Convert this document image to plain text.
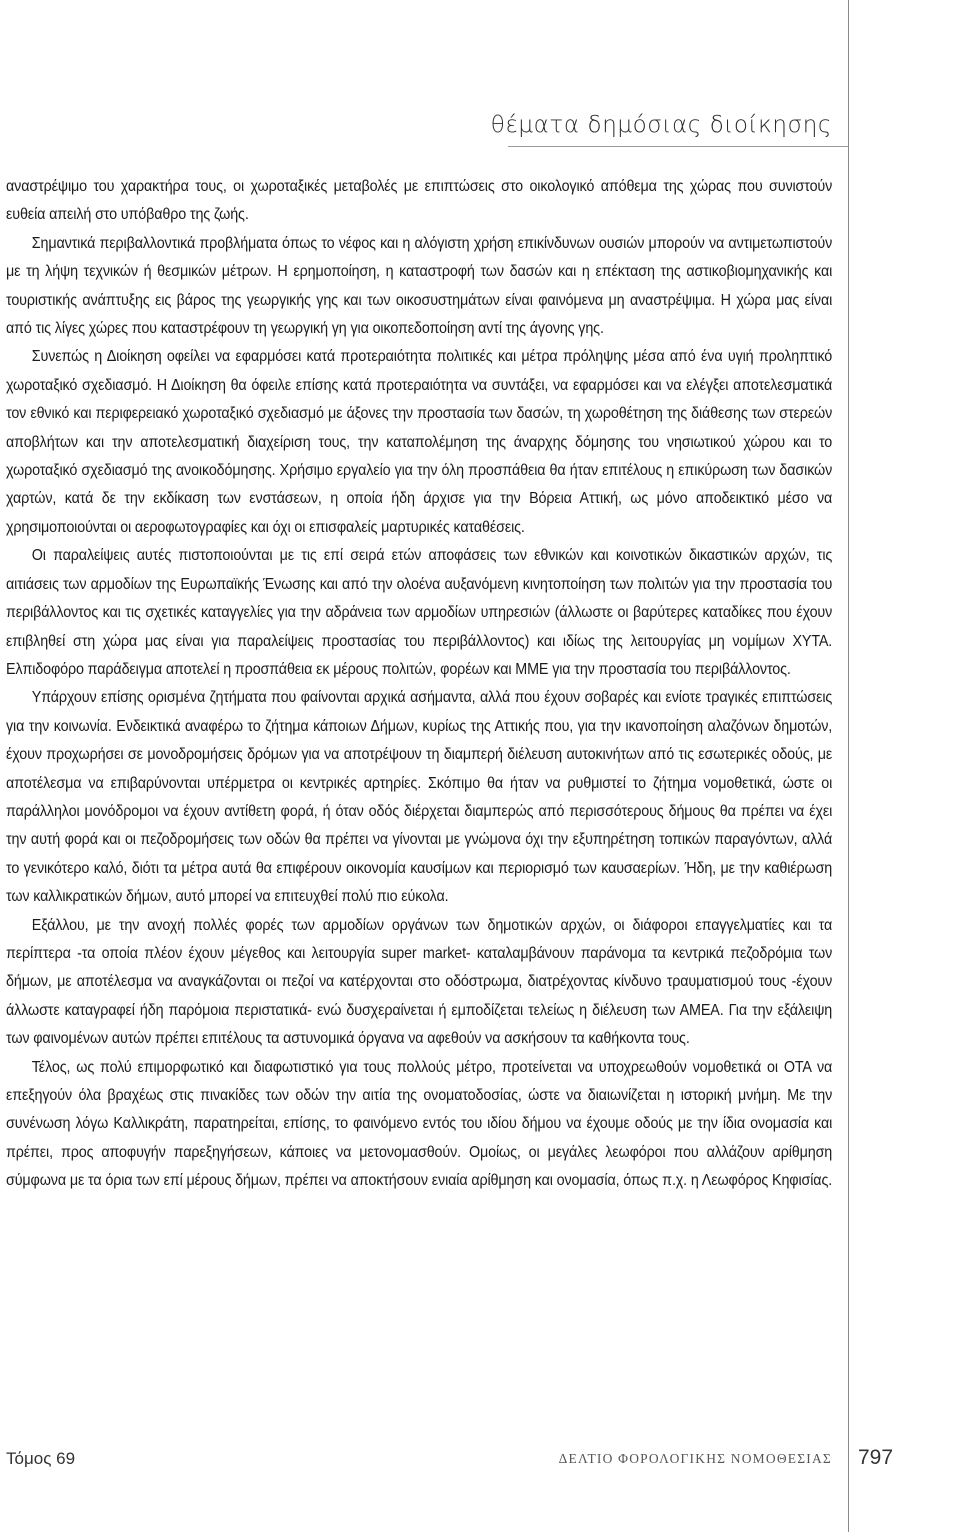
θέματα δημόσιας διοίκησης

αναστρέψιμο του χαρακτήρα τους, οι χωροταξικές μεταβολές με επιπτώσεις στο οικολογικό απόθεμα της χώρας που συνιστούν ευθεία απειλή στο υπόβαθρο της ζωής.

Σημαντικά περιβαλλοντικά προβλήματα όπως το νέφος και η αλόγιστη χρήση επικίνδυνων ουσιών μπορούν να αντιμετωπιστούν με τη λήψη τεχνικών ή θεσμικών μέτρων. Η ερημοποίηση, η καταστροφή των δασών και η επέκταση της αστικοβιομηχανικής και τουριστικής ανάπτυξης εις βάρος της γεωργικής γης και των οικοσυστημάτων είναι φαινόμενα μη αναστρέψιμα. Η χώρα μας είναι από τις λίγες χώρες που καταστρέφουν τη γεωργική γη για οικοπεδοποίηση αντί της άγονης γης.

Συνεπώς η Διοίκηση οφείλει να εφαρμόσει κατά προτεραιότητα πολιτικές και μέτρα πρόληψης μέσα από ένα υγιή προληπτικό χωροταξικό σχεδιασμό. Η Διοίκηση θα όφειλε επίσης κατά προτεραιότητα να συντάξει, να εφαρμόσει και να ελέγξει αποτελεσματικά τον εθνικό και περιφερειακό χωροταξικό σχεδιασμό με άξονες την προστασία των δασών, τη χωροθέτηση της διάθεσης των στερεών αποβλήτων και την αποτελεσματική διαχείριση τους, την καταπολέμηση της άναρχης δόμησης του νησιωτικού χώρου και το χωροταξικό σχεδιασμό της ανοικοδόμησης. Χρήσιμο εργαλείο για την όλη προσπάθεια θα ήταν επιτέλους η επικύρωση των δασικών χαρτών, κατά δε την εκδίκαση των ενστάσεων, η οποία ήδη άρχισε για την Βόρεια Αττική, ως μόνο αποδεικτικό μέσο να χρησιμοποιούνται οι αεροφωτογραφίες και όχι οι επισφαλείς μαρτυρικές καταθέσεις.

Οι παραλείψεις αυτές πιστοποιούνται με τις επί σειρά ετών αποφάσεις των εθνικών και κοινοτικών δικαστικών αρχών, τις αιτιάσεις των αρμοδίων της Ευρωπαϊκής Ένωσης και από την ολοένα αυξανόμενη κινητοποίηση των πολιτών για την προστασία του περιβάλλοντος και τις σχετικές καταγγελίες για την αδράνεια των αρμοδίων υπηρεσιών (άλλωστε οι βαρύτερες καταδίκες που έχουν επιβληθεί στη χώρα μας είναι για παραλείψεις προστασίας του περιβάλλοντος) και ιδίως της λειτουργίας μη νομίμων ΧΥΤΑ. Ελπιδοφόρο παράδειγμα αποτελεί η προσπάθεια εκ μέρους πολιτών, φορέων και ΜΜΕ για την προστασία του περιβάλλοντος.

Υπάρχουν επίσης ορισμένα ζητήματα που φαίνονται αρχικά ασήμαντα, αλλά που έχουν σοβαρές και ενίοτε τραγικές επιπτώσεις για την κοινωνία. Ενδεικτικά αναφέρω το ζήτημα κάποιων Δήμων, κυρίως της Αττικής που, για την ικανοποίηση αλαζόνων δημοτών, έχουν προχωρήσει σε μονοδρομήσεις δρόμων για να αποτρέψουν τη διαμπερή διέλευση αυτοκινήτων από τις εσωτερικές οδούς, με αποτέλεσμα να επιβαρύνονται υπέρμετρα οι κεντρικές αρτηρίες. Σκόπιμο θα ήταν να ρυθμιστεί το ζήτημα νομοθετικά, ώστε οι παράλληλοι μονόδρομοι να έχουν αντίθετη φορά, ή όταν οδός διέρχεται διαμπερώς από περισσότερους δήμους θα πρέπει να έχει την αυτή φορά και οι πεζοδρομήσεις των οδών θα πρέπει να γίνονται με γνώμονα όχι την εξυπηρέτηση τοπικών παραγόντων, αλλά το γενικότερο καλό, διότι τα μέτρα αυτά θα επιφέρουν οικονομία καυσίμων και περιορισμό των καυσαερίων. Ήδη, με την καθιέρωση των καλλικρατικών δήμων, αυτό μπορεί να επιτευχθεί πολύ πιο εύκολα.

Εξάλλου, με την ανοχή πολλές φορές των αρμοδίων οργάνων των δημοτικών αρχών, οι διάφοροι επαγγελματίες και τα περίπτερα -τα οποία πλέον έχουν μέγεθος και λειτουργία super market- καταλαμβάνουν παράνομα τα κεντρικά πεζοδρόμια των δήμων, με αποτέλεσμα να αναγκάζονται οι πεζοί να κατέρχονται στο οδόστρωμα, διατρέχοντας κίνδυνο τραυματισμού τους -έχουν άλλωστε καταγραφεί ήδη παρόμοια περιστατικά- ενώ δυσχεραίνεται ή εμποδίζεται τελείως η διέλευση των ΑΜΕΑ. Για την εξάλειψη των φαινομένων αυτών πρέπει επιτέλους τα αστυνομικά όργανα να αφεθούν να ασκήσουν τα καθήκοντα τους.

Τέλος, ως πολύ επιμορφωτικό και διαφωτιστικό για τους πολλούς μέτρο, προτείνεται να υποχρεωθούν νομοθετικά οι ΟΤΑ να επεξηγούν όλα βραχέως στις πινακίδες των οδών την αιτία της ονοματοδοσίας, ώστε να διαιωνίζεται η ιστορική μνήμη. Με την συνένωση λόγω Καλλικράτη, παρατηρείται, επίσης, το φαινόμενο εντός του ιδίου δήμου να έχουμε οδούς με την ίδια ονομασία και πρέπει, προς αποφυγήν παρεξηγήσεων, κάποιες να μετονομασθούν. Ομοίως, οι μεγάλες λεωφόροι που αλλάζουν αρίθμηση σύμφωνα με τα όρια των επί μέρους δήμων, πρέπει να αποκτήσουν ενιαία αρίθμηση και ονομασία, όπως π.χ. η Λεωφόρος Κηφισίας.

Τόμος 69	ΔΕΛΤΙΟ ΦΟΡΟΛΟΓΙΚΗΣ ΝΟΜΟΘΕΣΙΑΣ 797
